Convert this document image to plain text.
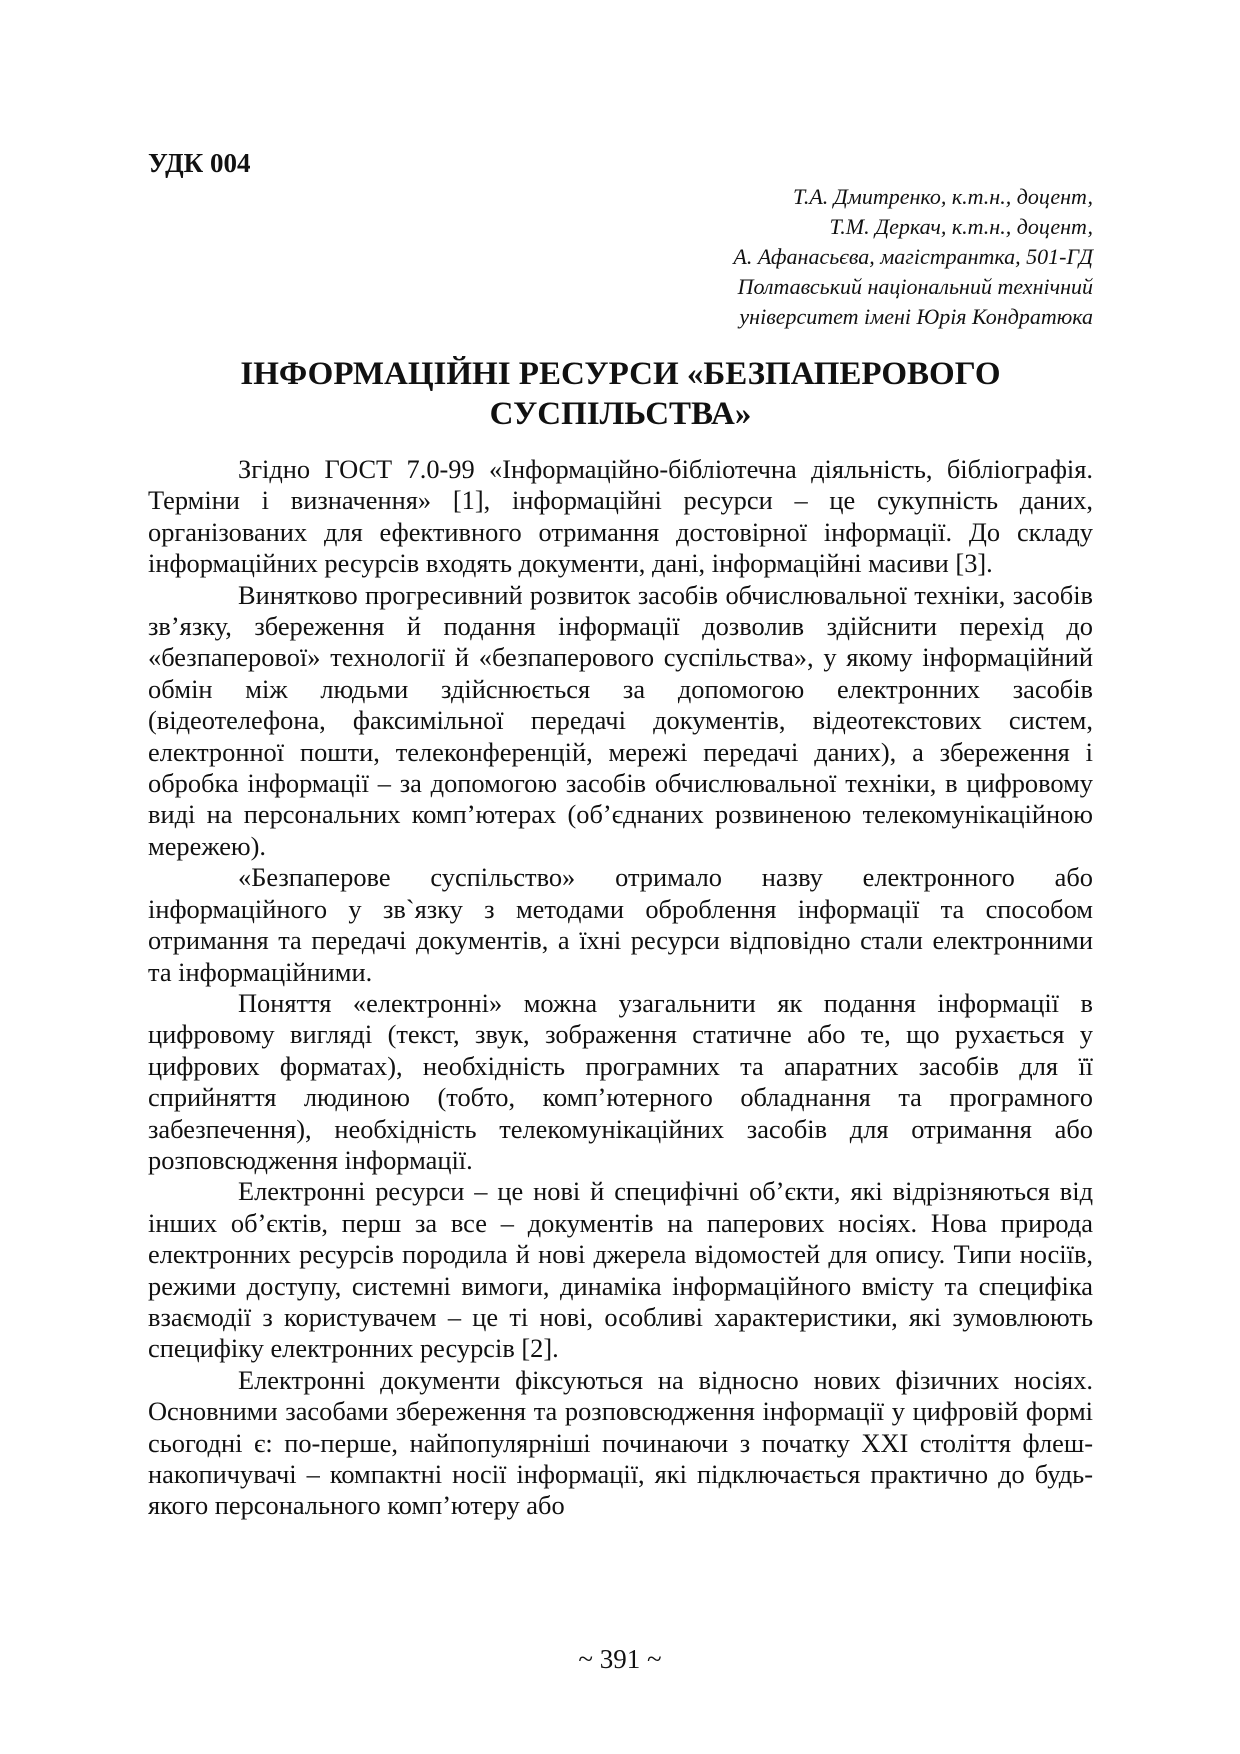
УДК 004
Т.А. Дмитренко, к.т.н., доцент,
Т.М. Деркач, к.т.н., доцент,
А. Афанасьєва, магістрантка, 501-ГД
Полтавський національний технічний
університет імені Юрія Кондратюка
ІНФОРМАЦІЙНІ РЕСУРСИ «БЕЗПАПЕРОВОГО
СУСПІЛЬСТВА»

Згідно ГОСТ 7.0-99 «Інформаційно-бібліотечна діяльність, бібліографія. Терміни і визначення» [1], інформаційні ресурси – це сукупність даних, організованих для ефективного отримання достовірної інформації. До складу інформаційних ресурсів входять документи, дані, інформаційні масиви [3].

Винятково прогресивний розвиток засобів обчислювальної техніки, засобів зв’язку, збереження й подання інформації дозволив здійснити перехід до «безпаперової» технології й «безпаперового суспільства», у якому інформаційний обмін між людьми здійснюється за допомогою електронних засобів (відеотелефона, факсимільної передачі документів, відеотекстових систем, електронної пошти, телеконференцій, мережі передачі даних), а збереження і обробка інформації – за допомогою засобів обчислювальної техніки, в цифровому виді на персональних комп’ютерах (об’єднаних розвиненою телекомунікаційною мережею).

«Безпаперове суспільство» отримало назву електронного або інформаційного у зв`язку з методами оброблення інформації та способом отримання та передачі документів, а їхні ресурси відповідно стали електронними та інформаційними.

Поняття «електронні» можна узагальнити як подання інформації в цифровому вигляді (текст, звук, зображення статичне або те, що рухається у цифрових форматах), необхідність програмних та апаратних засобів для її сприйняття людиною (тобто, комп’ютерного обладнання та програмного забезпечення), необхідність телекомунікаційних засобів для отримання або розповсюдження інформації.

Електронні ресурси – це нові й специфічні об’єкти, які відрізняються від інших об’єктів, перш за все – документів на паперових носіях. Нова природа електронних ресурсів породила й нові джерела відомостей для опису. Типи носіїв, режими доступу, системні вимоги, динаміка інформаційного вмісту та специфіка взаємодії з користувачем – це ті нові, особливі характеристики, які зумовлюють специфіку електронних ресурсів [2].

Електронні документи фіксуються на відносно нових фізичних носіях. Основними засобами збереження та розповсюдження інформації у цифровій формі сьогодні є: по-перше, найпопулярніші починаючи з початку ХХІ століття флеш-накопичувачі – компактні носії інформації, які підключається практично до будь-якого персонального комп’ютеру або

~ 391 ~
